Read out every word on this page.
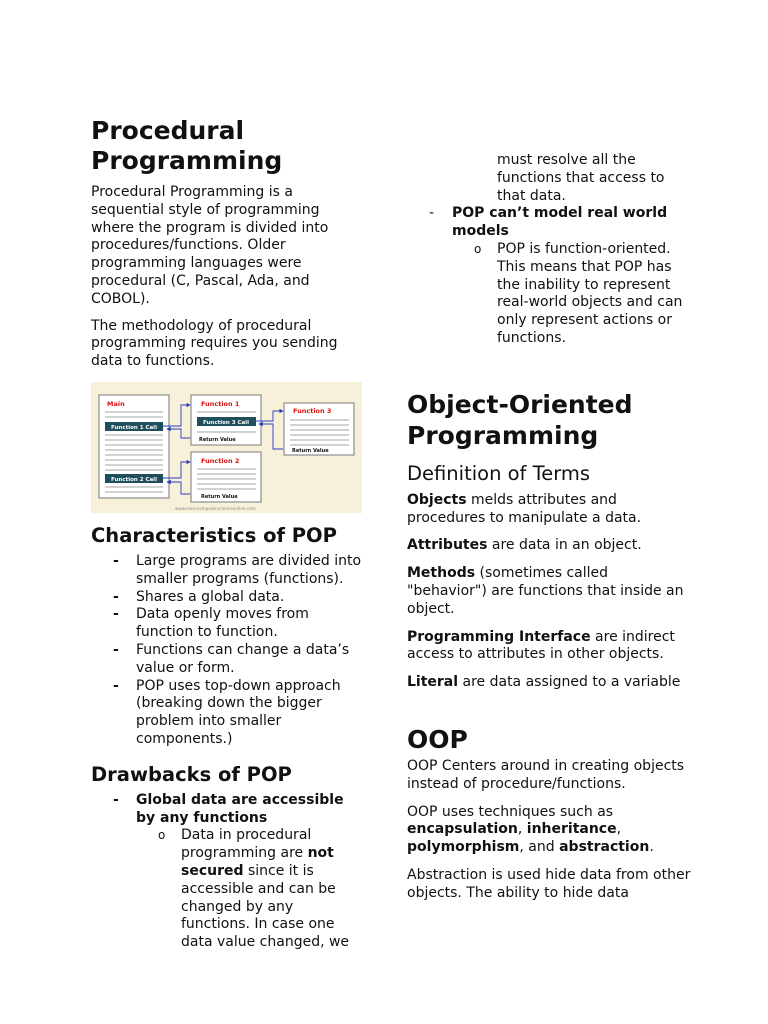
Procedural Programming

Procedural Programming is a sequential style of programming where the program is divided into procedures/functions. Older programming languages were procedural (C, Pascal, Ada, and COBOL).

The methodology of procedural programming requires you sending data to functions.

Main
Function 1 Call
Function 2 Call
Function 1
Function 3 Call
Return Value
Function 2
Return Value
Function 3
Return Value
www.learncomputerscienceonline.com
Characteristics of POP
-	Large programs are divided into smaller programs (functions).
-	Shares a global data.
-	Data openly moves from function to function.
-	Functions can change a data’s value or form.
-	POP uses top-down approach (breaking down the bigger problem into smaller components.)
Drawbacks of POP
-	Global data are accessible by any functions
o	Data in procedural programming are not secured since it is accessible and can be changed by any functions. In case one data value changed, we

must resolve all the functions that access to that data.

-	POP can’t model real world models
o	POP is function-oriented. This means that POP has the inability to represent real-world objects and can only represent actions or functions.
Object-Oriented Programming
Definition of Terms

Objects melds attributes and procedures to manipulate a data.

Attributes are data in an object.

Methods (sometimes called "behavior") are functions that inside an object.

Programming Interface are indirect access to attributes in other objects.

Literal are data assigned to a variable

OOP

OOP Centers around in creating objects instead of procedure/functions.

OOP uses techniques such as encapsulation, inheritance, polymorphism, and abstraction.

Abstraction is used hide data from other objects. The ability to hide data
